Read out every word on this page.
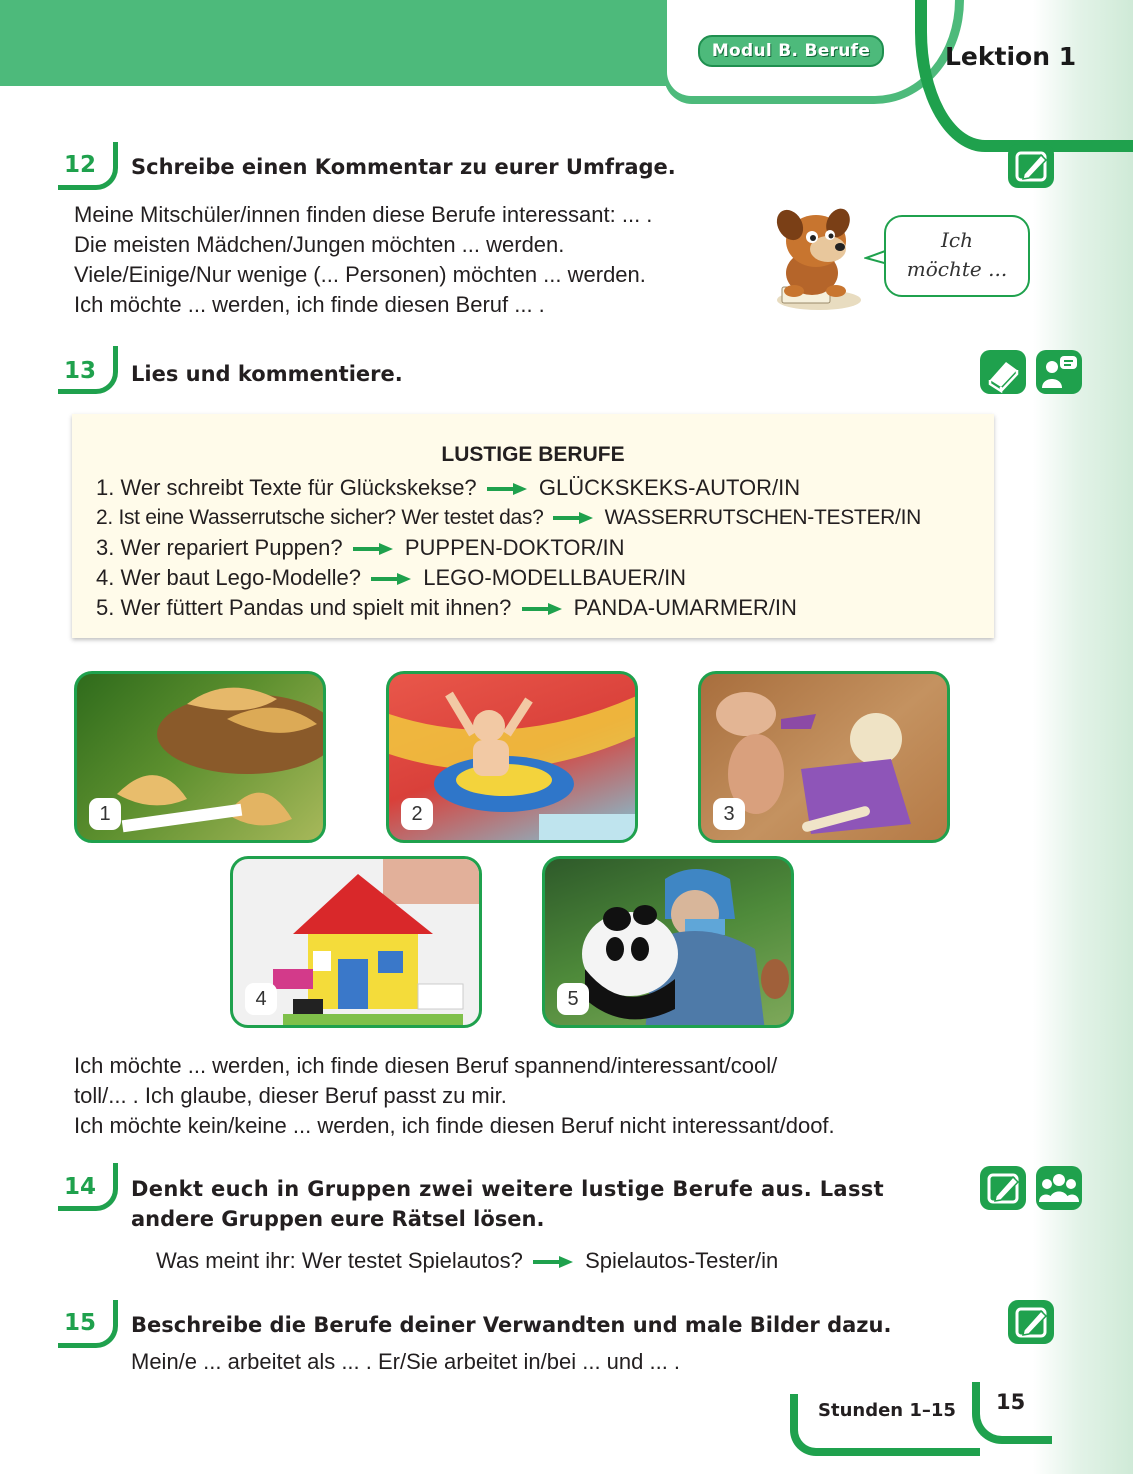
Modul B. Berufe	Lektion 1
12 Schreibe einen Kommentar zu eurer Umfrage.
Meine Mitschüler/innen finden diese Berufe interessant: ... .
Die meisten Mädchen/Jungen möchten ... werden.
Viele/Einige/Nur wenige (... Personen) möchten ... werden.
Ich möchte ... werden, ich finde diesen Beruf ... .
Ich
möchte ...
13 Lies und kommentiere.
LUSTIGE BERUFE
1. Wer schreibt Texte für Glückskekse?	GLÜCKSKEKS-AUTOR/IN
2. Ist eine Wasserrutsche sicher? Wer testet das?	WASSERRUTSCHEN-TESTER/IN
3. Wer repariert Puppen?	PUPPEN-DOKTOR/IN
4. Wer baut Lego-Modelle?	LEGO-MODELLBAUER/IN
5. Wer füttert Pandas und spielt mit ihnen?	PANDA-UMARMER/IN
1	2	3
4	5
Ich möchte ... werden, ich finde diesen Beruf spannend/interessant/cool/
toll/... . Ich glaube, dieser Beruf passt zu mir.
Ich möchte kein/keine ... werden, ich finde diesen Beruf nicht interessant/doof.
14 Denkt euch in Gruppen zwei weitere lustige Berufe aus. Lasst
andere Gruppen eure Rätsel lösen.
Was meint ihr: Wer testet Spielautos?	Spielautos-Tester/in
15 Beschreibe die Berufe deiner Verwandten und male Bilder dazu.
Mein/e ... arbeitet als ... . Er/Sie arbeitet in/bei ... und ... .
Stunden 1–15 15
